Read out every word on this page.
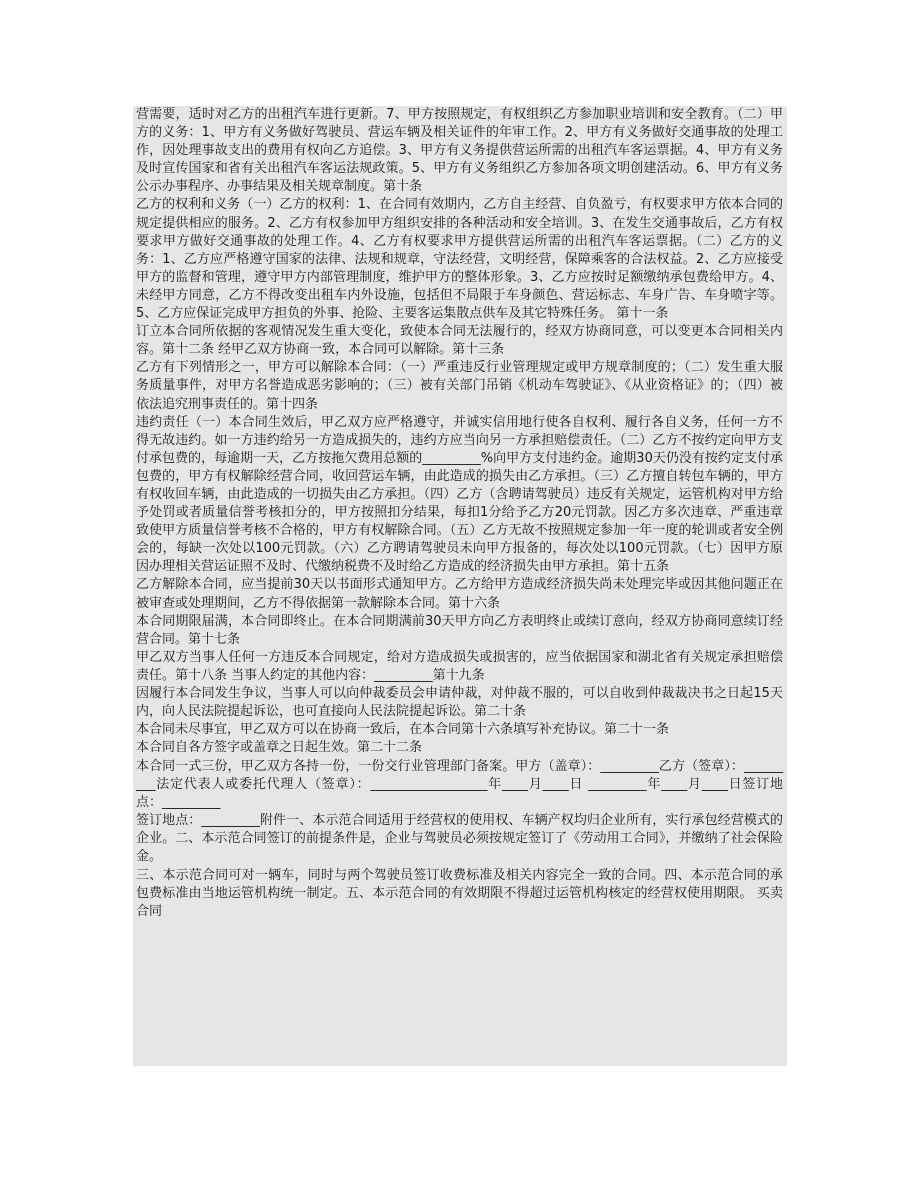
营需要，适时对乙方的出租汽车进行更新。7、甲方按照规定，有权组织乙方参加职业培训和安全教育。（二）甲方的义务：1、甲方有义务做好驾驶员、营运车辆及相关证件的年审工作。2、甲方有义务做好交通事故的处理工作，因处理事故支出的费用有权向乙方追偿。3、甲方有义务提供营运所需的出租汽车客运票据。4、甲方有义务及时宣传国家和省有关出租汽车客运法规政策。5、甲方有义务组织乙方参加各项文明创建活动。6、甲方有义务公示办事程序、办事结果及相关规章制度。第十条

乙方的权利和义务（一）乙方的权利：1、在合同有效期内，乙方自主经营、自负盈亏，有权要求甲方依本合同的规定提供相应的服务。2、乙方有权参加甲方组织安排的各种活动和安全培训。3、在发生交通事故后，乙方有权要求甲方做好交通事故的处理工作。4、乙方有权要求甲方提供营运所需的出租汽车客运票据。（二）乙方的义务：1、乙方应严格遵守国家的法律、法规和规章，守法经营，文明经营，保障乘客的合法权益。2、乙方应接受甲方的监督和管理，遵守甲方内部管理制度，维护甲方的整体形象。3、乙方应按时足额缴纳承包费给甲方。4、未经甲方同意，乙方不得改变出租车内外设施，包括但不局限于车身颜色、营运标志、车身广告、车身喷字等。5、乙方应保证完成甲方担负的外事、抢险、主要客运集散点供车及其它特殊任务。 第十一条

订立本合同所依据的客观情况发生重大变化，致使本合同无法履行的，经双方协商同意，可以变更本合同相关内容。第十二条 经甲乙双方协商一致，本合同可以解除。第十三条

乙方有下列情形之一，甲方可以解除本合同：（一）严重违反行业管理规定或甲方规章制度的；（二）发生重大服务质量事件，对甲方名誉造成恶劣影响的；（三）被有关部门吊销《机动车驾驶证》、《从业资格证》的；（四）被依法追究刑事责任的。第十四条

违约责任（一）本合同生效后，甲乙双方应严格遵守，并诚实信用地行使各自权利、履行各自义务，任何一方不得无故违约。如一方违约给另一方造成损失的，违约方应当向另一方承担赔偿责任。（二）乙方不按约定向甲方支付承包费的，每逾期一天，乙方按拖欠费用总额的_________%向甲方支付违约金。逾期30天仍没有按约定支付承包费的，甲方有权解除经营合同，收回营运车辆，由此造成的损失由乙方承担。（三）乙方擅自转包车辆的，甲方有权收回车辆，由此造成的一切损失由乙方承担。（四）乙方（含聘请驾驶员）违反有关规定，运管机构对甲方给予处罚或者质量信誉考核扣分的，甲方按照扣分结果，每扣1分给予乙方20元罚款。因乙方多次违章、严重违章致使甲方质量信誉考核不合格的，甲方有权解除合同。（五）乙方无故不按照规定参加一年一度的轮训或者安全例会的，每缺一次处以100元罚款。（六）乙方聘请驾驶员未向甲方报备的，每次处以100元罚款。（七）因甲方原因办理相关营运证照不及时、代缴纳税费不及时给乙方造成的经济损失由甲方承担。第十五条

乙方解除本合同，应当提前30天以书面形式通知甲方。乙方给甲方造成经济损失尚未处理完毕或因其他问题正在被审查或处理期间，乙方不得依据第一款解除本合同。第十六条

本合同期限届满，本合同即终止。在本合同期满前30天甲方向乙方表明终止或续订意向，经双方协商同意续订经营合同。第十七条

甲乙双方当事人任何一方违反本合同规定，给对方造成损失或损害的，应当依据国家和湖北省有关规定承担赔偿责任。第十八条 当事人约定的其他内容：_________第十九条

因履行本合同发生争议，当事人可以向仲裁委员会申请仲裁，对仲裁不服的，可以自收到仲裁裁决书之日起15天内，向人民法院提起诉讼，也可直接向人民法院提起诉讼。第二十条

本合同未尽事宜，甲乙双方可以在协商一致后，在本合同第十六条填写补充协议。第二十一条

本合同自各方签字或盖章之日起生效。第二十二条

本合同一式三份，甲乙双方各持一份，一份交行业管理部门备案。甲方（盖章）：_________乙方（签章）：_________法定代表人或委托代理人（签章）：__________________年____月____日 _________年____月____日签订地点：_________

签订地点：_________附件一、本示范合同适用于经营权的使用权、车辆产权均归企业所有，实行承包经营模式的企业。二、本示范合同签订的前提条件是，企业与驾驶员必须按规定签订了《劳动用工合同》，并缴纳了社会保险金。

三、本示范合同可对一辆车，同时与两个驾驶员签订收费标准及相关内容完全一致的合同。四、本示范合同的承包费标准由当地运管机构统一制定。五、本示范合同的有效期限不得超过运管机构核定的经营权使用期限。 买卖合同
